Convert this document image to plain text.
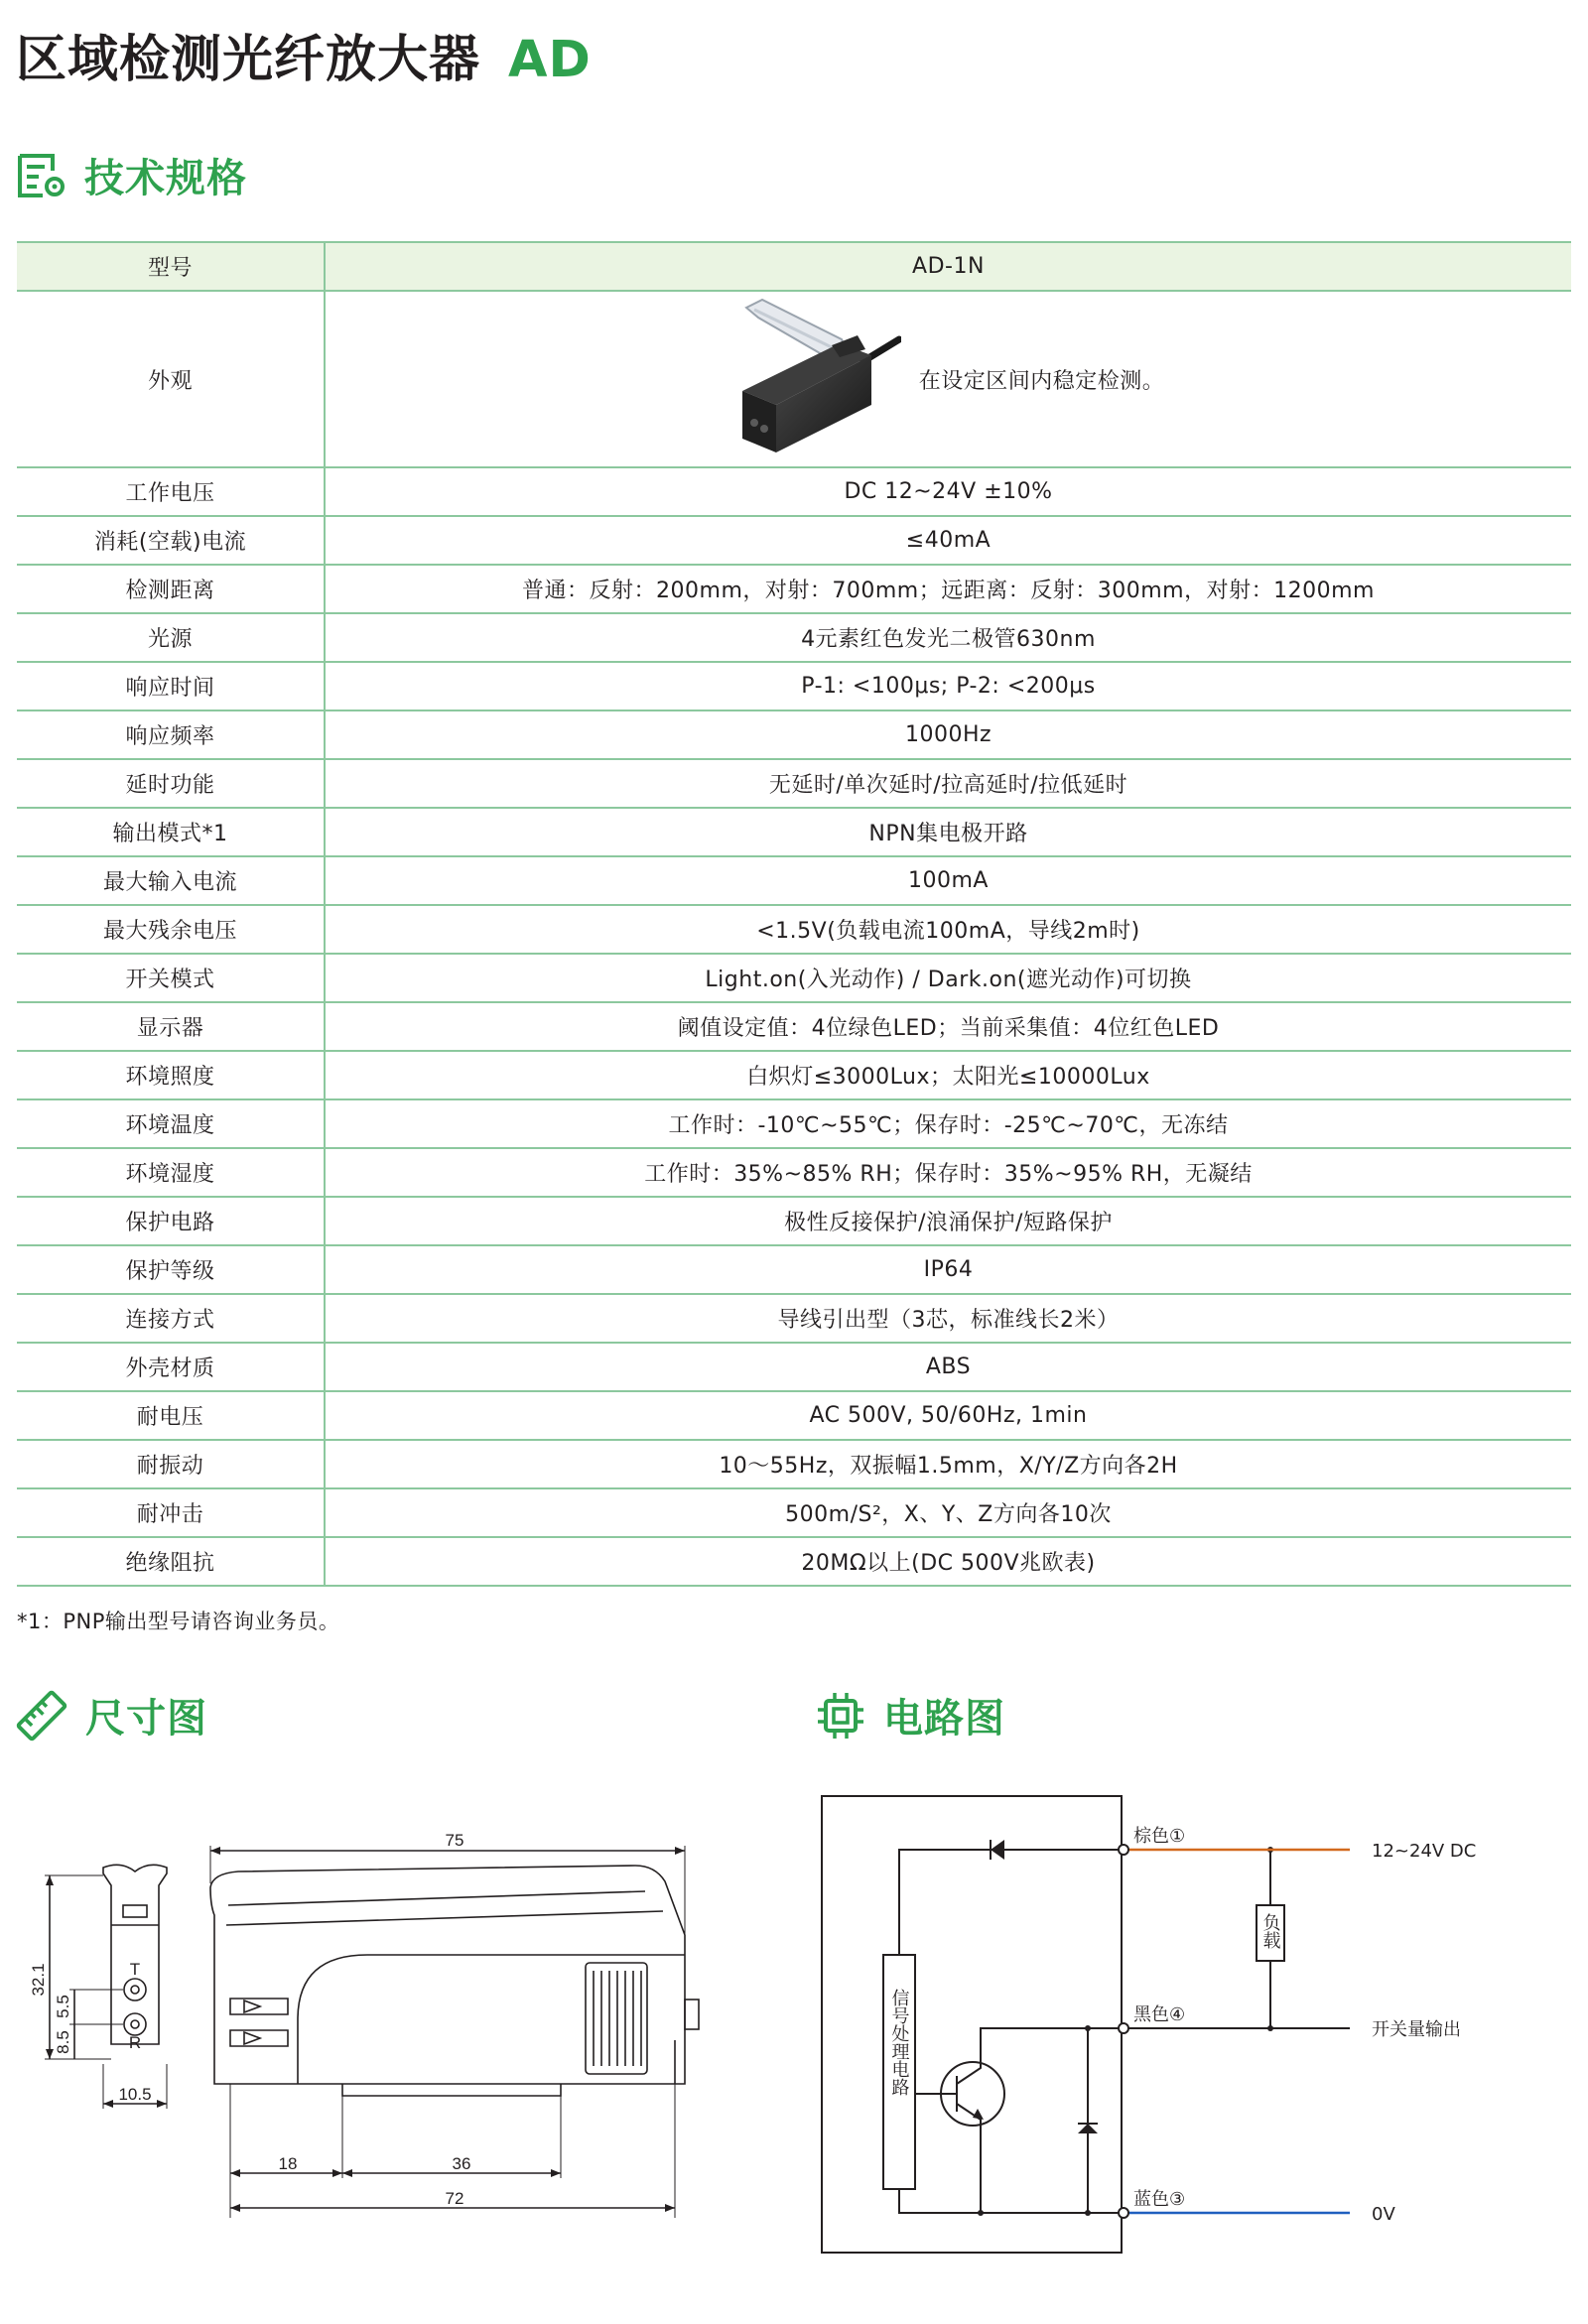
区域检测光纤放大器 AD
技术规格
型号	AD-1N
外观	在设定区间内稳定检测。

工作电压	DC 12~24V ±10%
消耗(空载)电流	≤40mA
检测距离	普通：反射：200mm，对射：700mm；远距离：反射：300mm，对射：1200mm
光源	4元素红色发光二极管630nm
响应时间	P-1: <100μs; P-2: <200μs
响应频率	1000Hz
延时功能	无延时/单次延时/拉高延时/拉低延时
输出模式*1	NPN集电极开路
最大输入电流	100mA
最大残余电压	<1.5V(负载电流100mA，导线2m时)
开关模式	Light.on(入光动作) / Dark.on(遮光动作)可切换
显示器	阈值设定值：4位绿色LED；当前采集值：4位红色LED
环境照度	白炽灯≤3000Lux；太阳光≤10000Lux
环境温度	工作时：-10℃~55℃；保存时：-25℃~70℃，无冻结
环境湿度	工作时：35%~85% RH；保存时：35%~95% RH，无凝结
保护电路	极性反接保护/浪涌保护/短路保护
保护等级	IP64
连接方式	导线引出型（3芯，标准线长2米）
外壳材质	ABS
耐电压	AC 500V, 50/60Hz, 1min
耐振动	10～55Hz，双振幅1.5mm，X/Y/Z方向各2H
耐冲击	500m/S²，X、Y、Z方向各10次
绝缘阻抗	20MΩ以上(DC 500V兆欧表)
*1：PNP输出型号请咨询业务员。
尺寸图	电路图
32.1
5.5
8.5
10.5
T
R
75
18	36
72
信号处理电路
负载
棕色①
黑色④
蓝色③
12~24V DC
开关量输出
0V
